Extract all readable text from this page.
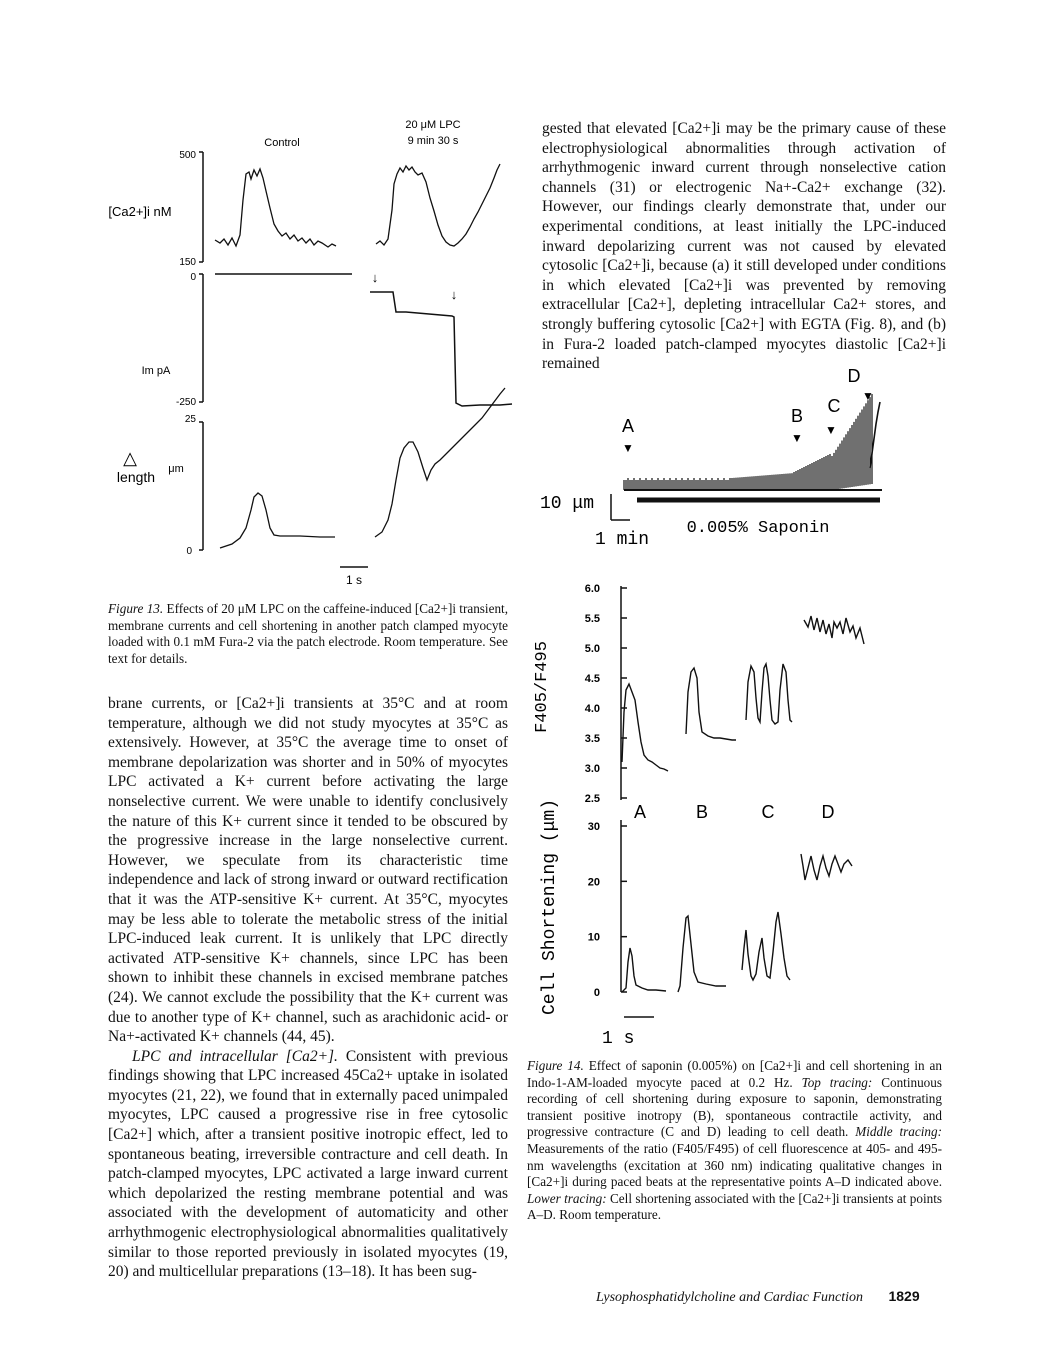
20 μM LPC
9 min 30 s
Control
500
150
0
-250
25
0
[Ca2+]i nM
Im pA
△
length μm
↓
↓
1 s
Figure 13. Effects of 20 μM LPC on the caffeine-induced [Ca2+]i transient, membrane currents and cell shortening in another patch clamped myocyte loaded with 0.1 mM Fura-2 via the patch electrode. Room temperature. See text for details.

brane currents, or [Ca2+]i transients at 35°C and at room temperature, although we did not study myocytes at 35°C as extensively. However, at 35°C the average time to onset of membrane depolarization was shorter and in 50% of myocytes LPC activated a K+ current before activating the large nonselective current. We were unable to identify conclusively the nature of this K+ current since it tended to be obscured by the progressive increase in the large nonselective current. However, we speculate from its characteristic time independence and lack of strong inward or outward rectification that it was the ATP-sensitive K+ current. At 35°C, myocytes may be less able to tolerate the metabolic stress of the initial LPC-induced leak current. It is unlikely that LPC directly activated ATP-sensitive K+ channels, since LPC has been shown to inhibit these channels in excised membrane patches (24). We cannot exclude the possibility that the K+ current was due to another type of K+ channel, such as arachidonic acid- or Na+-activated K+ channels (44, 45).

LPC and intracellular [Ca2+]. Consistent with previous findings showing that LPC increased 45Ca2+ uptake in isolated myocytes (21, 22), we found that in externally paced unimpaled myocytes, LPC caused a progressive rise in free cytosolic [Ca2+] which, after a transient positive inotropic effect, led to spontaneous beating, irreversible contracture and cell death. In patch-clamped myocytes, LPC activated a large inward current which depolarized the resting membrane potential and was associated with the development of automaticity and other arrhythmogenic electrophysiological abnormalities qualitatively similar to those reported previously in isolated myocytes (19, 20) and multicellular preparations (13–18). It has been sug-

gested that elevated [Ca2+]i may be the primary cause of these electrophysiological abnormalities through activation of arrhythmogenic inward current through nonselective cation channels (31) or electrogenic Na+-Ca2+ exchange (32). However, our findings clearly demonstrate that, under our experimental conditions, at least initially the LPC-induced inward depolarizing current was not caused by elevated cytosolic [Ca2+]i, because (a) it still developed under conditions in which elevated [Ca2+]i was prevented by removing extracellular [Ca2+], depleting intracellular Ca2+ stores, and strongly buffering cytosolic [Ca2+] with EGTA (Fig. 8), and (b) in Fura-2 loaded patch-clamped myocytes diastolic [Ca2+]i remained

D
▼
C
▼
B
▼
A
▼
10 μm
1 min
0.005% Saponin
6.0
5.5
5.0
4.5
4.0
3.5
3.0
2.5
F405/F495
A	B	C	D
30
20
10
0
Cell Shortening (μm)
1 s
Figure 14. Effect of saponin (0.005%) on [Ca2+]i and cell shortening in an Indo-1-AM-loaded myocyte paced at 0.2 Hz. Top tracing: Continuous recording of cell shortening during exposure to saponin, demonstrating transient positive inotropy (B), spontaneous contractile activity, and progressive contracture (C and D) leading to cell death. Middle tracing: Measurements of the ratio (F405/F495) of cell fluorescence at 405- and 495-nm wavelengths (excitation at 360 nm) indicating qualitative changes in [Ca2+]i during paced beats at the representative points A–D indicated above. Lower tracing: Cell shortening associated with the [Ca2+]i transients at points A–D. Room temperature.
Lysophosphatidylcholine and Cardiac Function 1829
